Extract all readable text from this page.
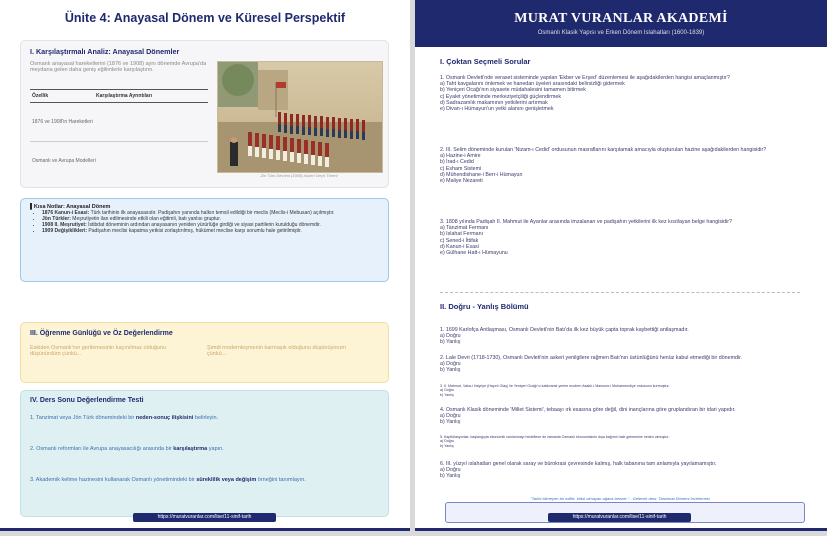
Ünite 4: Anayasal Dönem ve Küresel Perspektif
I. Karşılaştırmalı Analiz: Anayasal Dönemler
Osmanlı anayasal hareketlerini (1876 ve 1908) aynı dönemde Avrupa'da meydana gelen daha geniş eğilimlerle karşılaştırın.
Özellik	Karşılaştırma Ayrıntıları
1876 ve 1908'in Hareketleri
Osmanlı ve Avrupa Modelleri
Zin Türk Devrimi (1908) Askeri Geçit Töreni
▌Kısa Notlar: Anayasal Dönem
• 1876 Kanun-i Esasi: Türk tarihinin ilk anayasasıdır. Padişahın yanında halkın temsil edildiği bir meclis (Meclis-i Mebusan) açılmıştır.
• Jön Türkler: Meşrutiyetin ilan edilmesinde etkili olan eğitimli, batı yanlısı gruptur.
• 1908 II. Meşrutiyet: İstibdat döneminin ardından anayasanın yeniden yürürlüğe girdiği ve siyasi partilerin kurulduğu dönemdir.
• 1909 Değişiklikleri: Padişahın meclisi kapatma yetkisi zorlaştırılmış, hükümet meclise karşı sorumlu hale getirilmiştir.
III. Öğrenme Günlüğü ve Öz Değerlendirme
Eskiden Osmanlı'nın gerilemesinin kaçınılmaz olduğunu düşünürdüm çünkü...
Şimdi modernleşmenin karmaşık olduğunu düşünüyorum çünkü...
IV. Ders Sonu Değerlendirme Testi
1. Tanzimat veya Jön Türk dönemindeki bir neden-sonuç ilişkisini belirleyin.
2. Osmanlı reformları ile Avrupa anayasacılığı arasında bir karşılaştırma yapın.
3. Akademik kelime hazinesini kullanarak Osmanlı yönetimindeki bir süreklilik veya değişim örneğini tanımlayın.
https://muratvuranlar.com/lise/11-sinif-tarih
MURAT VURANLAR AKADEMİ
Osmanlı Klasik Yapısı ve Erken Dönem Islahatları (1600-1839)
I. Çoktan Seçmeli Sorular
1. Osmanlı Devleti'nde veraset sisteminde yapılan 'Ekber ve Erşed' düzenlemesi ile aşağıdakilerden hangisi amaçlanmıştır?
a) Taht kavgalarını önlemek ve hanedan üyeleri arasındaki belirsizliği gidermek
b) Yeniçeri Ocağı'nın siyasete müdahalesini tamamen bitirmek
c) Eyalet yönetiminde merkeziyetçiliği güçlendirmek
d) Sadrazamlık makamının yetkilerini artırmak
e) Divan-ı Hümayun'un yetki alanını genişletmek
2. III. Selim döneminde kurulan 'Nizam-ı Cedid' ordusunun masraflarını karşılamak amacıyla oluşturulan hazine aşağıdakilerden hangisidir?
a) Hazine-i Amire
b) İrad-ı Cedid
c) Esham Sistemi
d) Mühendishane-i Berr-i Hümayun
e) Maliye Nezareti
3. 1808 yılında Padişah II. Mahmut ile Ayanlar arasında imzalanan ve padişahın yetkilerini ilk kez kısıtlayan belge hangisidir?
a) Tanzimat Fermanı
b) Islahat Fermanı
c) Sened-i İttifak
d) Kanun-i Esasi
e) Gülhane Hatt-ı Hümayunu
II. Doğru - Yanlış Bölümü
1. 1699 Karlofça Antlaşması, Osmanlı Devleti'nin Batı'da ilk kez büyük çapta toprak kaybettiği antlaşmadır.
a) Doğru
b) Yanlış
2. Lale Devri (1718-1730), Osmanlı Devleti'nin askeri yenilgilere rağmen Batı'nın üstünlüğünü henüz kabul etmediği bir dönemdir.
a) Doğru
b) Yanlış
3. II. Mahmut, Vaka-i Hayriye (Hayırlı Olay) ile Yeniçeri Ocağı'nı kaldırarak yerine modern Asakir-i Mansure-i Muhammediye ordusunu kurmuştur.
a) Doğru
b) Yanlış
4. Osmanlı Klasik döneminde 'Millet Sistemi', tebaayı ırk esasına göre değil, dini inançlarına göre gruplandıran bir idari yapıdır.
a) Doğru
b) Yanlış
5. Kapitülasyonlar, başlangıçta ekonomik canlanmayı hedeflese de zamanla Osmanlı ekonomisinin dışa bağımlı hale gelmesine neden olmuştur.
a) Doğru
b) Yanlış
6. III. yüzyıl ıslahatları genel olarak saray ve bürokrasi çevresinde kalmış, halk tabanına tam anlamıyla yayılamamıştır.
a) Doğru
b) Yanlış
"Tarihi bilmeyen bir millet, kökü olmayan ağaca benzer." - Gelecek ders: Tanzimat Dönemi İncelemesi
https://muratvuranlar.com/lise/11-sinif-tarih
